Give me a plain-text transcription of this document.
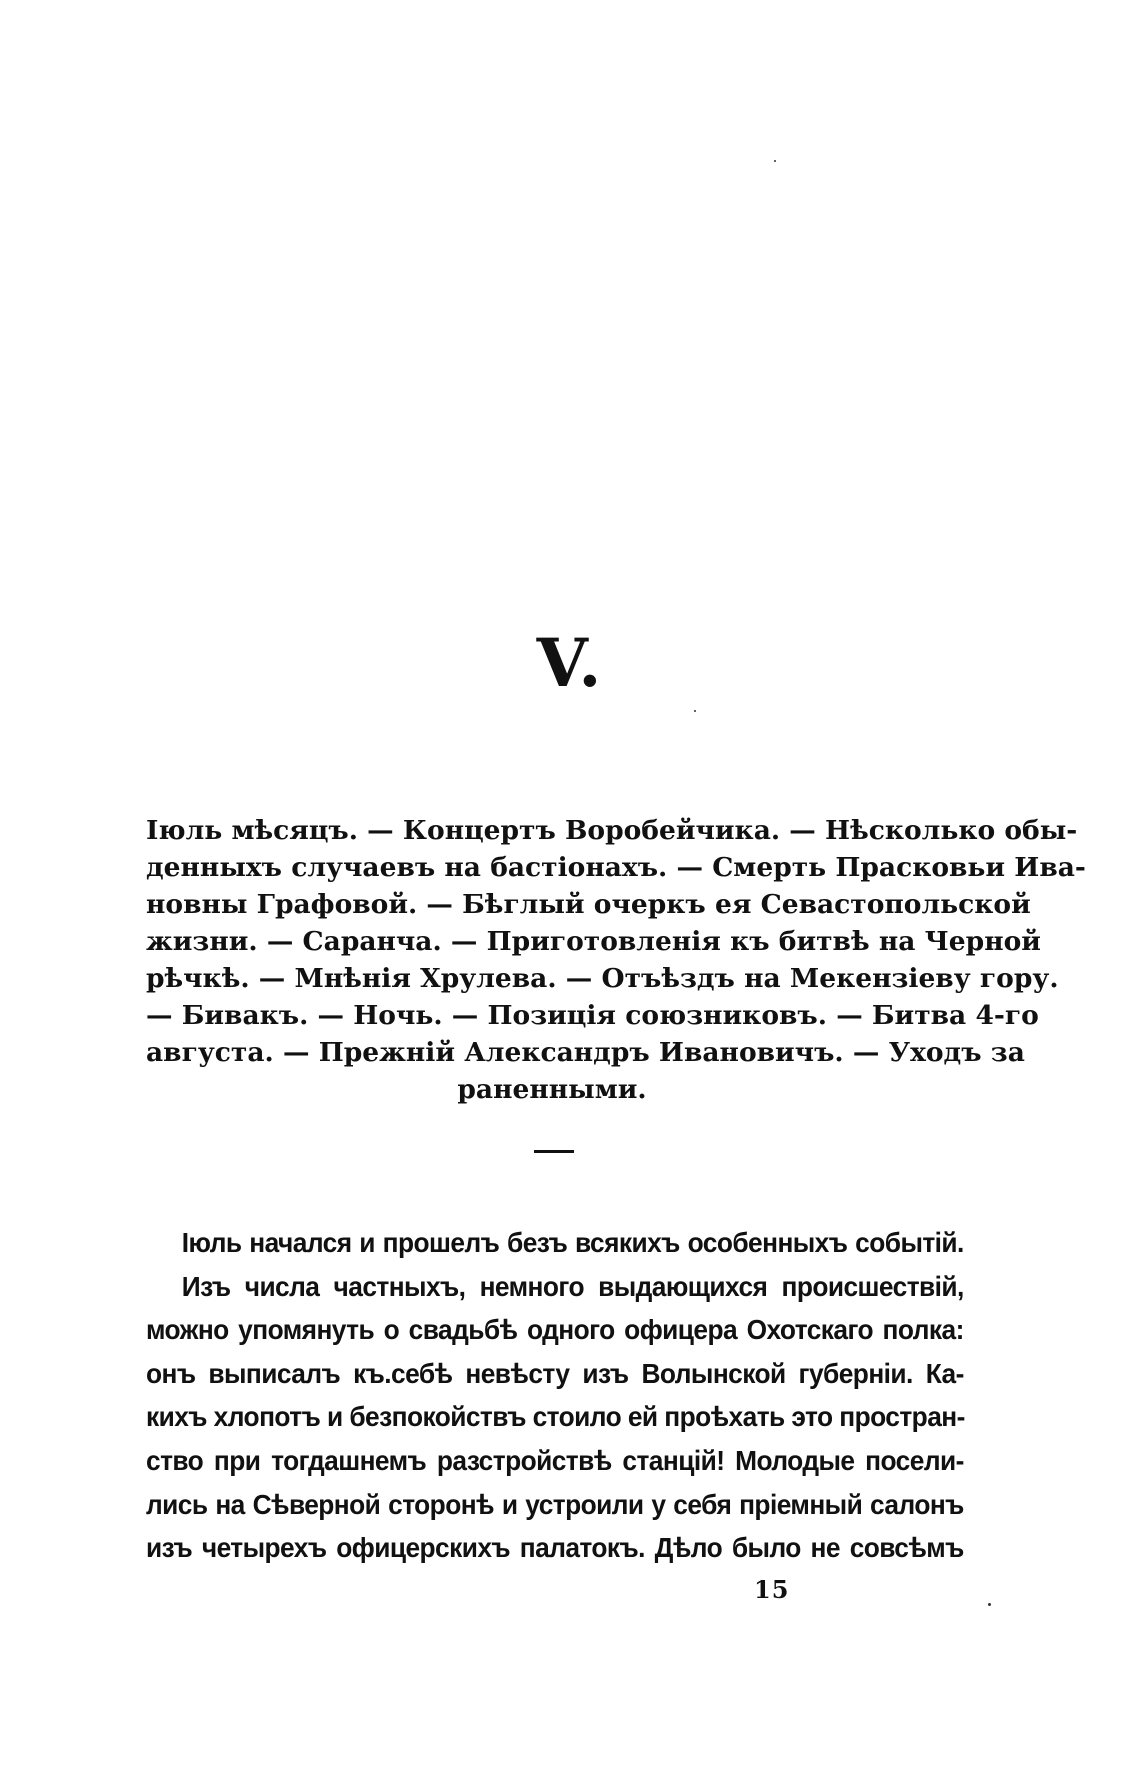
V.
Іюль мѣсяцъ. — Концертъ Воробейчика. — Нѣсколько обы-
денныхъ случаевъ на бастіонахъ. — Смерть Прасковьи Ива-
новны Графовой. — Бѣглый очеркъ ея Севастопольской
жизни. — Саранча. — Приготовленія къ битвѣ на Черной
рѣчкѣ. — Мнѣнія Хрулева. — Отъѣздъ на Мекензіеву гору.
— Бивакъ. — Ночь. — Позиція союзниковъ. — Битва 4-го
августа. — Прежній Александръ Ивановичъ. — Уходъ за
раненными.
Іюль начался и прошелъ безъ всякихъ особенныхъ событій.
Изъ числа частныхъ, немного выдающихся происшествій,
можно упомянуть о свадьбѣ одного офицера Охотскаго полка:
онъ выписалъ къ.себѣ невѣсту изъ Волынской губерніи. Ка-
кихъ хлопотъ и безпокойствъ стоило ей проѣхать это простран-
ство при тогдашнемъ разстройствѣ станцій! Молодые посели-
лись на Сѣверной сторонѣ и устроили у себя пріемный салонъ
изъ четырехъ офицерскихъ палатокъ. Дѣло было не совсѣмъ
15
